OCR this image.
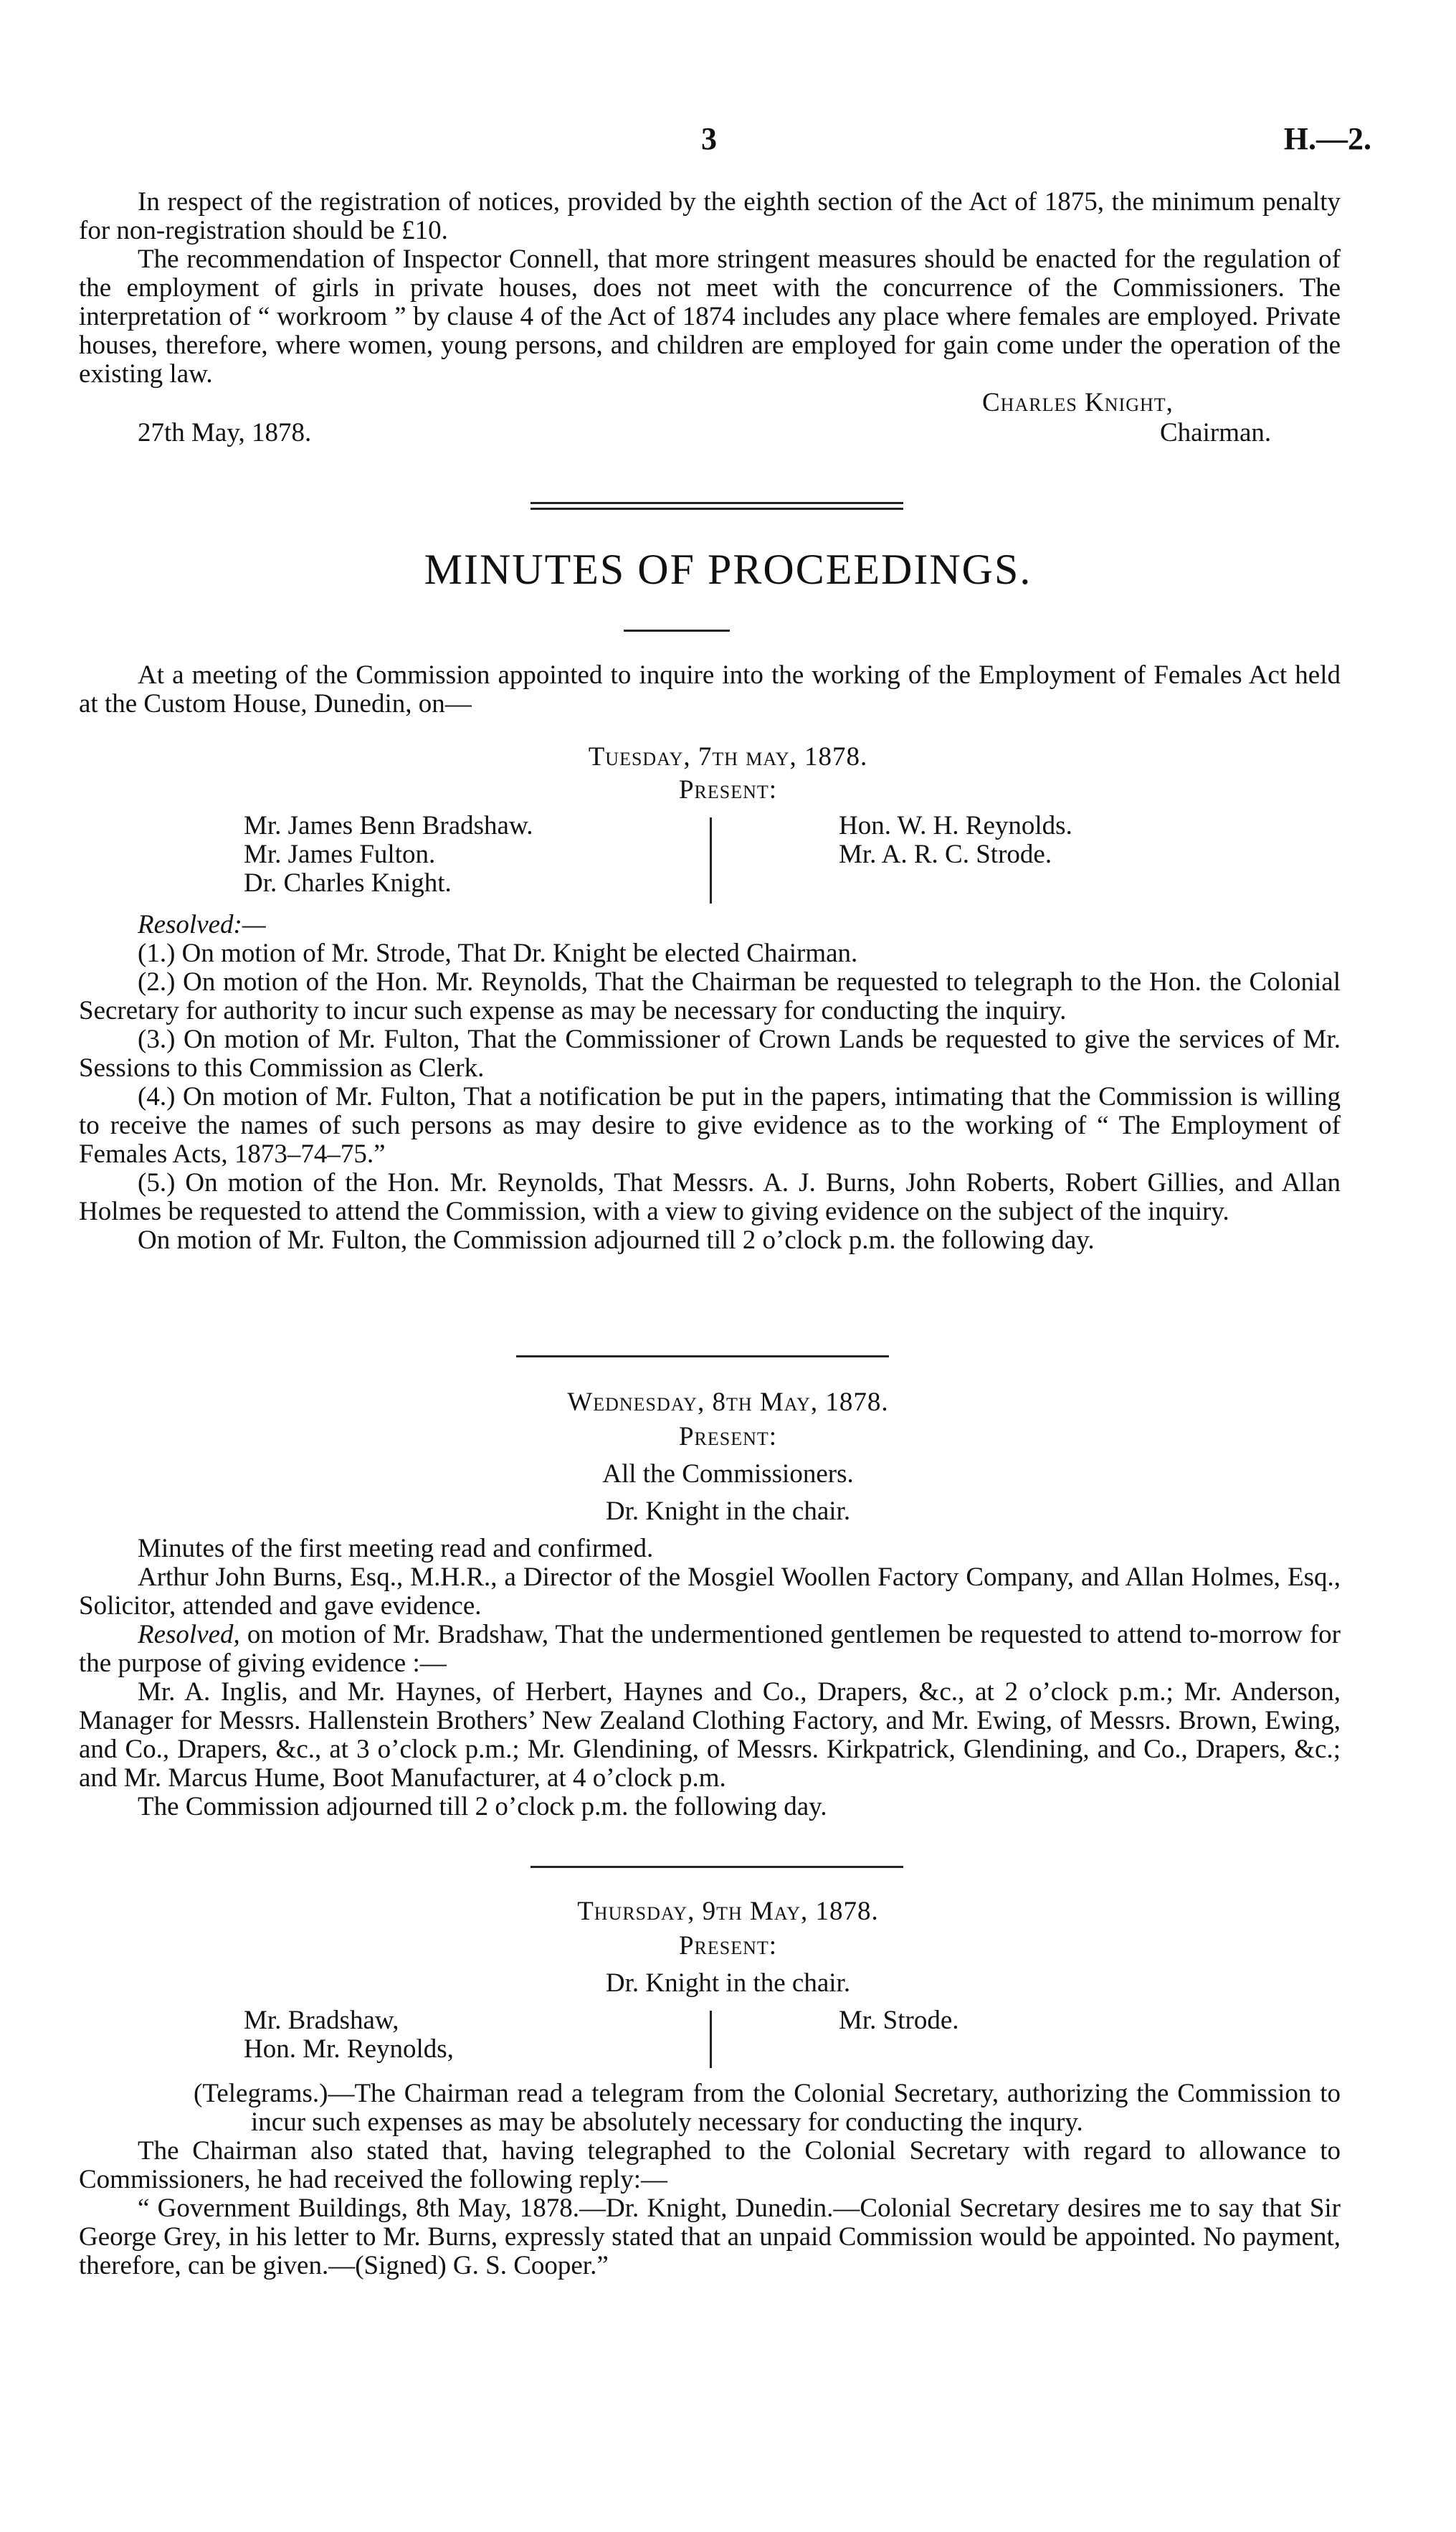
3	H.—2.

In respect of the registration of notices, provided by the eighth section of the Act of 1875, the minimum penalty for non-registration should be £10.

The recommendation of Inspector Connell, that more stringent measures should be enacted for the regulation of the employment of girls in private houses, does not meet with the concurrence of the Commissioners. The interpretation of “ workroom ” by clause 4 of the Act of 1874 includes any place where females are employed. Private houses, therefore, where women, young persons, and children are employed for gain come under the operation of the existing law.

Charles Knight,
Chairman.
27th May, 1878.
MINUTES OF PROCEEDINGS.

At a meeting of the Commission appointed to inquire into the working of the Employment of Females Act held at the Custom House, Dunedin, on—

Tuesday, 7th may, 1878.
Present:
Mr. James Benn Bradshaw.
Mr. James Fulton.
Dr. Charles Knight.
Hon. W. H. Reynolds.
Mr. A. R. C. Strode.

Resolved:—

(1.) On motion of Mr. Strode, That Dr. Knight be elected Chairman.

(2.) On motion of the Hon. Mr. Reynolds, That the Chairman be requested to telegraph to the Hon. the Colonial Secretary for authority to incur such expense as may be necessary for conducting the inquiry.

(3.) On motion of Mr. Fulton, That the Commissioner of Crown Lands be requested to give the services of Mr. Sessions to this Commission as Clerk.

(4.) On motion of Mr. Fulton, That a notification be put in the papers, intimating that the Commission is willing to receive the names of such persons as may desire to give evidence as to the working of “ The Employment of Females Acts, 1873–74–75.”

(5.) On motion of the Hon. Mr. Reynolds, That Messrs. A. J. Burns, John Roberts, Robert Gillies, and Allan Holmes be requested to attend the Commission, with a view to giving evidence on the subject of the inquiry.

On motion of Mr. Fulton, the Commission adjourned till 2 o’clock p.m. the following day.

Wednesday, 8th May, 1878.
Present:
All the Commissioners.
Dr. Knight in the chair.

Minutes of the first meeting read and confirmed.

Arthur John Burns, Esq., M.H.R., a Director of the Mosgiel Woollen Factory Company, and Allan Holmes, Esq., Solicitor, attended and gave evidence.

Resolved, on motion of Mr. Bradshaw, That the undermentioned gentlemen be requested to attend to-morrow for the purpose of giving evidence :—

Mr. A. Inglis, and Mr. Haynes, of Herbert, Haynes and Co., Drapers, &c., at 2 o’clock p.m.; Mr. Anderson, Manager for Messrs. Hallenstein Brothers’ New Zealand Clothing Factory, and Mr. Ewing, of Messrs. Brown, Ewing, and Co., Drapers, &c., at 3 o’clock p.m.; Mr. Glendining, of Messrs. Kirkpatrick, Glendining, and Co., Drapers, &c.; and Mr. Marcus Hume, Boot Manufacturer, at 4 o’clock p.m.

The Commission adjourned till 2 o’clock p.m. the following day.

Thursday, 9th May, 1878.
Present:
Dr. Knight in the chair.
Mr. Bradshaw,
Hon. Mr. Reynolds,
Mr. Strode.

(Telegrams.)—The Chairman read a telegram from the Colonial Secretary, authorizing the Commission to incur such expenses as may be absolutely necessary for conducting the inqury.

The Chairman also stated that, having telegraphed to the Colonial Secretary with regard to allowance to Commissioners, he had received the following reply:—

“ Government Buildings, 8th May, 1878.—Dr. Knight, Dunedin.—Colonial Secretary desires me to say that Sir George Grey, in his letter to Mr. Burns, expressly stated that an unpaid Commission would be appointed. No payment, therefore, can be given.—(Signed) G. S. Cooper.”
